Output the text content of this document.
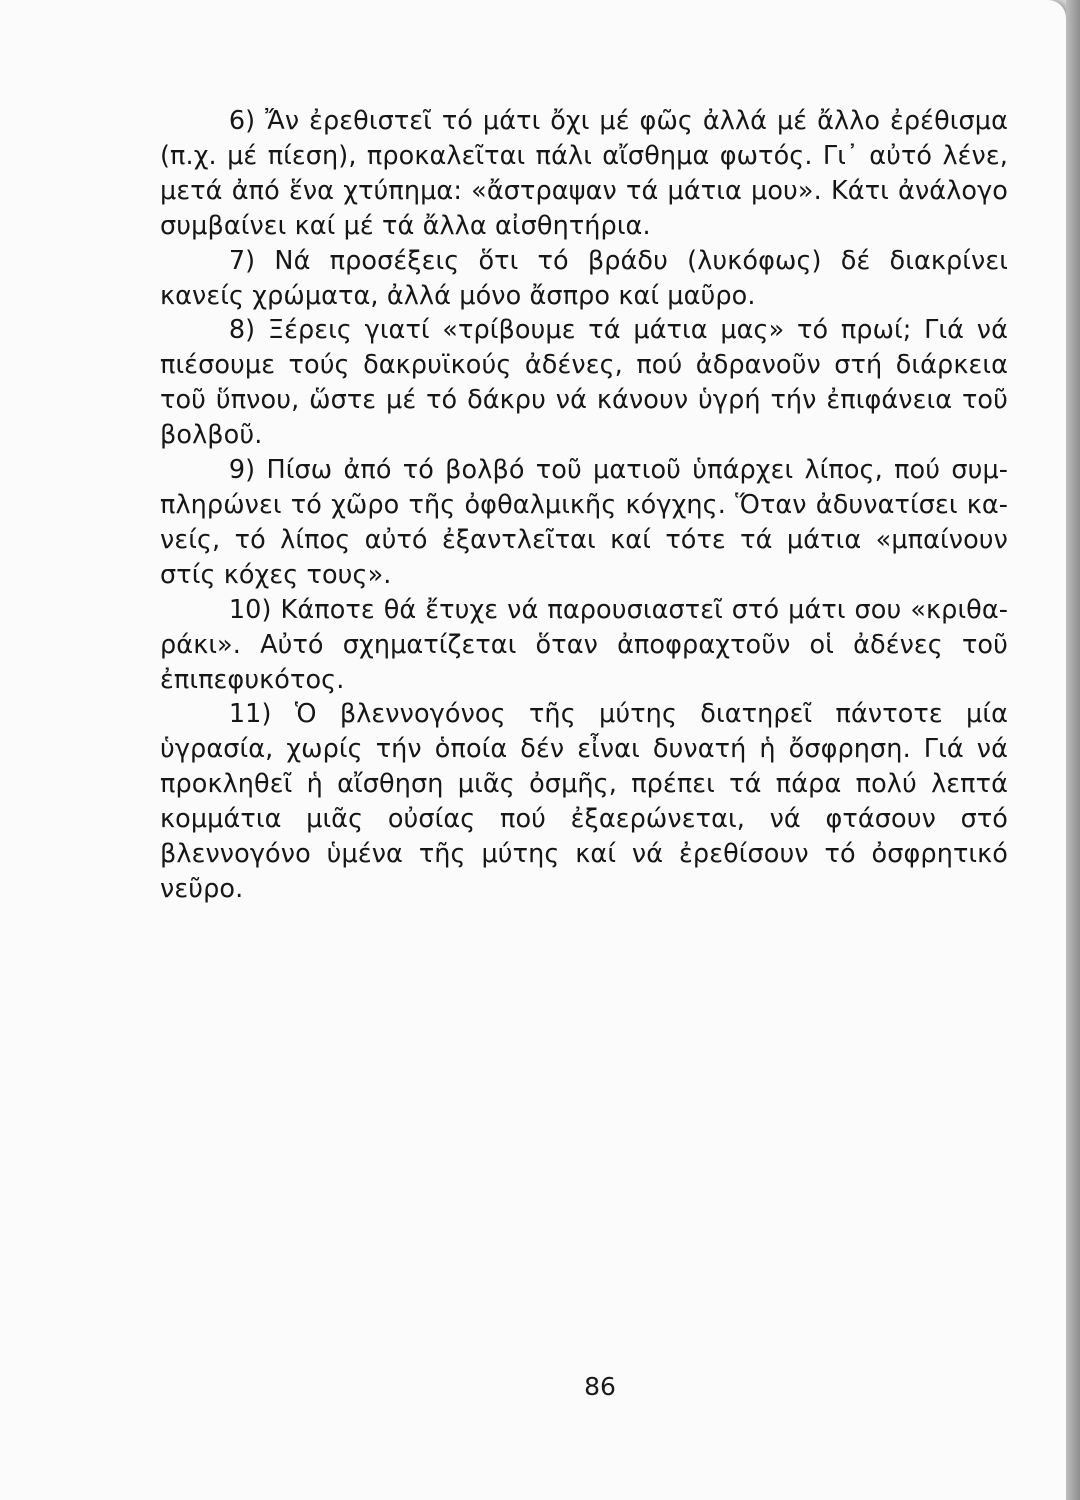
6) Ἄν ἐρεθιστεῖ τό μάτι ὄχι μέ φῶς ἀλλά μέ ἄλλο ἐρέθισμα (π.χ. μέ πίεση), προκαλεῖται πάλι αἴσθημα φωτός. Γι᾽ αὐτό λένε, μετά ἀπό ἕνα χτύπημα: «ἄστραψαν τά μάτια μου». Κάτι ἀνάλογο συμβαίνει καί μέ τά ἄλλα αἰσθητήρια.

7) Νά προσέξεις ὅτι τό βράδυ (λυκόφως) δέ διακρίνει κανείς χρώματα, ἀλλά μόνο ἄσπρο καί μαῦρο.

8) Ξέρεις γιατί «τρίβουμε τά μάτια μας» τό πρωί; Γιά νά πιέσουμε τούς δακρυϊκούς ἀδένες, πού ἀδρανοῦν στή διάρκεια τοῦ ὕπνου, ὥστε μέ τό δάκρυ νά κάνουν ὑγρή τήν ἐπιφάνεια τοῦ βολβοῦ.

9) Πίσω ἀπό τό βολβό τοῦ ματιοῦ ὑπάρχει λίπος, πού συμπληρώνει τό χῶρο τῆς ὀφθαλμικῆς κόγχης. Ὅταν ἀδυνατίσει κανείς, τό λίπος αὐτό ἐξαντλεῖται καί τότε τά μάτια «μπαίνουν στίς κόχες τους».

10) Κάποτε θά ἔτυχε νά παρουσιαστεῖ στό μάτι σου «κριθαράκι». Αὐτό σχηματίζεται ὅταν ἀποφραχτοῦν οἱ ἀδένες τοῦ ἐπιπεφυκότος.

11) Ὁ βλεννογόνος τῆς μύτης διατηρεῖ πάντοτε μία ὑγρασία, χωρίς τήν ὁποία δέν εἶναι δυνατή ἡ ὄσφρηση. Γιά νά προκληθεῖ ἡ αἴσθηση μιᾶς ὀσμῆς, πρέπει τά πάρα πολύ λεπτά κομμάτια μιᾶς οὐσίας πού ἐξαερώνεται, νά φτάσουν στό βλεννογόνο ὑμένα τῆς μύτης καί νά ἐρεθίσουν τό ὀσφρητικό νεῦρο.

86
